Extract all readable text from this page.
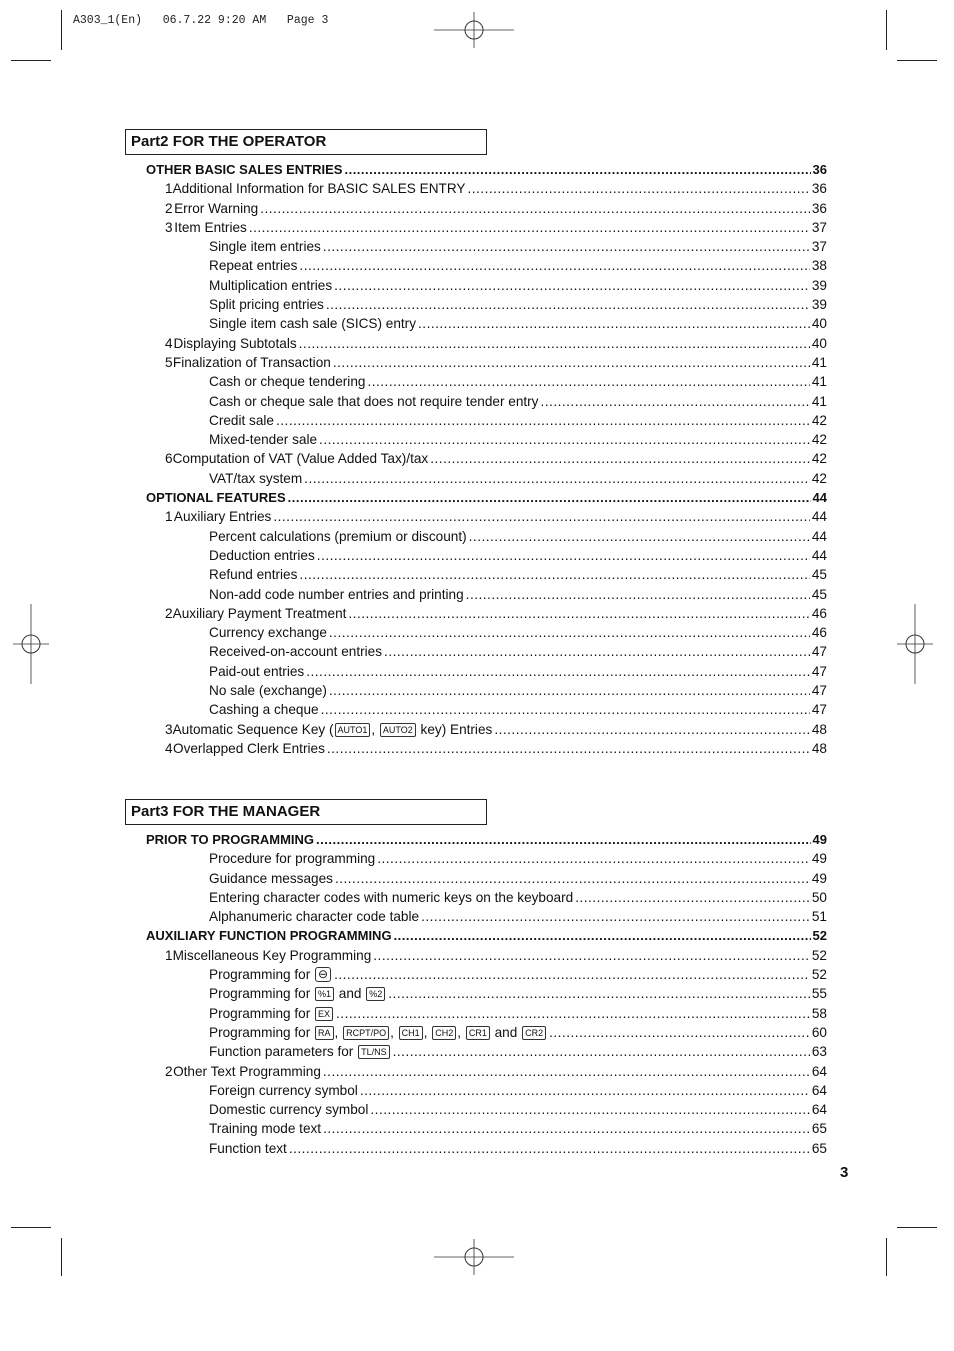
A303_1(En)   06.7.22 9:20 AM   Page 3
Part2 FOR THE OPERATOR
OTHER BASIC SALES ENTRIES .....	36
1 Additional Information for BASIC SALES ENTRY .....	36
2 Error Warning .....	36
3 Item Entries .....	37
Single item entries .....	37
Repeat entries .....	38
Multiplication entries .....	39
Split pricing entries .....	39
Single item cash sale (SICS) entry .....	40
4 Displaying Subtotals .....	40
5 Finalization of Transaction .....	41
Cash or cheque tendering .....	41
Cash or cheque sale that does not require tender entry .....	41
Credit sale .....	42
Mixed-tender sale .....	42
6 Computation of VAT (Value Added Tax)/tax .....	42
VAT/tax system .....	42
OPTIONAL FEATURES .....	44
1 Auxiliary Entries .....	44
Percent calculations (premium or discount) .....	44
Deduction entries .....	44
Refund entries .....	45
Non-add code number entries and printing .....	45
2 Auxiliary Payment Treatment .....	46
Currency exchange .....	46
Received-on-account entries .....	47
Paid-out entries .....	47
No sale (exchange) .....	47
Cashing a cheque .....	47
3 Automatic Sequence Key ( AUTO1 , AUTO2 key) Entries .....	48
4 Overlapped Clerk Entries .....	48
Part3 FOR THE MANAGER
PRIOR TO PROGRAMMING .....	49
Procedure for programming .....	49
Guidance messages .....	49
Entering character codes with numeric keys on the keyboard .....	50
Alphanumeric character code table .....	51
AUXILIARY FUNCTION PROGRAMMING .....	52
1 Miscellaneous Key Programming .....	52
Programming for ⊖ .....	52
Programming for %1 and %2 .....	55
Programming for EX .....	58
Programming for RA , RCPT/PO , CH1 , CH2 , CR1 and CR2 .....	60
Function parameters for TL/NS .....	63
2 Other Text Programming .....	64
Foreign currency symbol .....	64
Domestic currency symbol .....	64
Training mode text .....	65
Function text .....	65
3
